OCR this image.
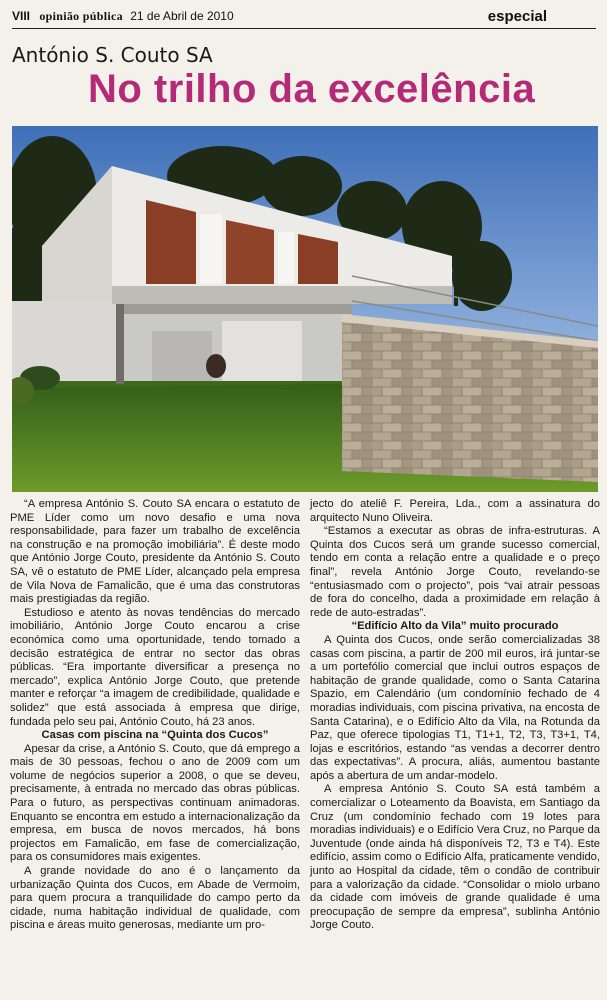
VIII opinião pública 21 de Abril de 2010	especial
António S. Couto SA
No trilho da excelência

“A empresa António S. Couto SA encara o estatuto de PME Líder como um novo desafio e uma nova responsabilidade, para fazer um trabalho de excelência na construção e na promoção imobiliária”. É deste modo que António Jorge Couto, presidente da António S. Couto SA, vê o estatuto de PME Líder, alcançado pela empresa de Vila Nova de Famalicão, que é uma das construtoras mais prestigiadas da região.

Estudioso e atento às novas tendências do mercado imobiliário, António Jorge Couto encarou a crise económica como uma oportunidade, tendo tomado a decisão estratégica de entrar no sector das obras públicas. “Era importante diversificar a presença no mercado”, explica António Jorge Couto, que pretende manter e reforçar “a imagem de credibilidade, qualidade e solidez” que está associada à empresa que dirige, fundada pelo seu pai, António Couto, há 23 anos.

Casas com piscina na “Quinta dos Cucos”

Apesar da crise, a António S. Couto, que dá emprego a mais de 30 pessoas, fechou o ano de 2009 com um volume de negócios superior a 2008, o que se deveu, precisamente, à entrada no mercado das obras públicas. Para o futuro, as perspectivas continuam animadoras. Enquanto se encontra em estudo a internacionalização da empresa, em busca de novos mercados, há bons projectos em Famalicão, em fase de comercialização, para os consumidores mais exigentes.

A grande novidade do ano é o lançamento da urbanização Quinta dos Cucos, em Abade de Vermoim, para quem procura a tranquilidade do campo perto da cidade, numa habitação individual de qualidade, com piscina e áreas muito generosas, mediante um pro-

jecto do ateliê F. Pereira, Lda., com a assinatura do arquitecto Nuno Oliveira.

“Estamos a executar as obras de infra-estruturas. A Quinta dos Cucos será um grande sucesso comercial, tendo em conta a relação entre a qualidade e o preço final”, revela António Jorge Couto, revelando-se “entusiasmado com o projecto”, pois “vai atrair pessoas de fora do concelho, dada a proximidade em relação à rede de auto-estradas”.

“Edifício Alto da Vila” muito procurado

A Quinta dos Cucos, onde serão comercializadas 38 casas com piscina, a partir de 200 mil euros, irá juntar-se a um portefólio comercial que inclui outros espaços de habitação de grande qualidade, como o Santa Catarina Spazio, em Calendário (um condomínio fechado de 4 moradias individuais, com piscina privativa, na encosta de Santa Catarina), e o Edifício Alto da Vila, na Rotunda da Paz, que oferece tipologias T1, T1+1, T2, T3, T3+1, T4, lojas e escritórios, estando “as vendas a decorrer dentro das expectativas”. A procura, aliás, aumentou bastante após a abertura de um andar-modelo.

A empresa António S. Couto SA está também a comercializar o Loteamento da Boavista, em Santiago da Cruz (um condomínio fechado com 19 lotes para moradias individuais) e o Edifício Vera Cruz, no Parque da Juventude (onde ainda há disponíveis T2, T3 e T4). Este edifício, assim como o Edifício Alfa, praticamente vendido, junto ao Hospital da cidade, têm o condão de contribuir para a valorização da cidade. “Consolidar o miolo urbano da cidade com imóveis de grande qualidade é uma preocupação de sempre da empresa”, sublinha António Jorge Couto.
